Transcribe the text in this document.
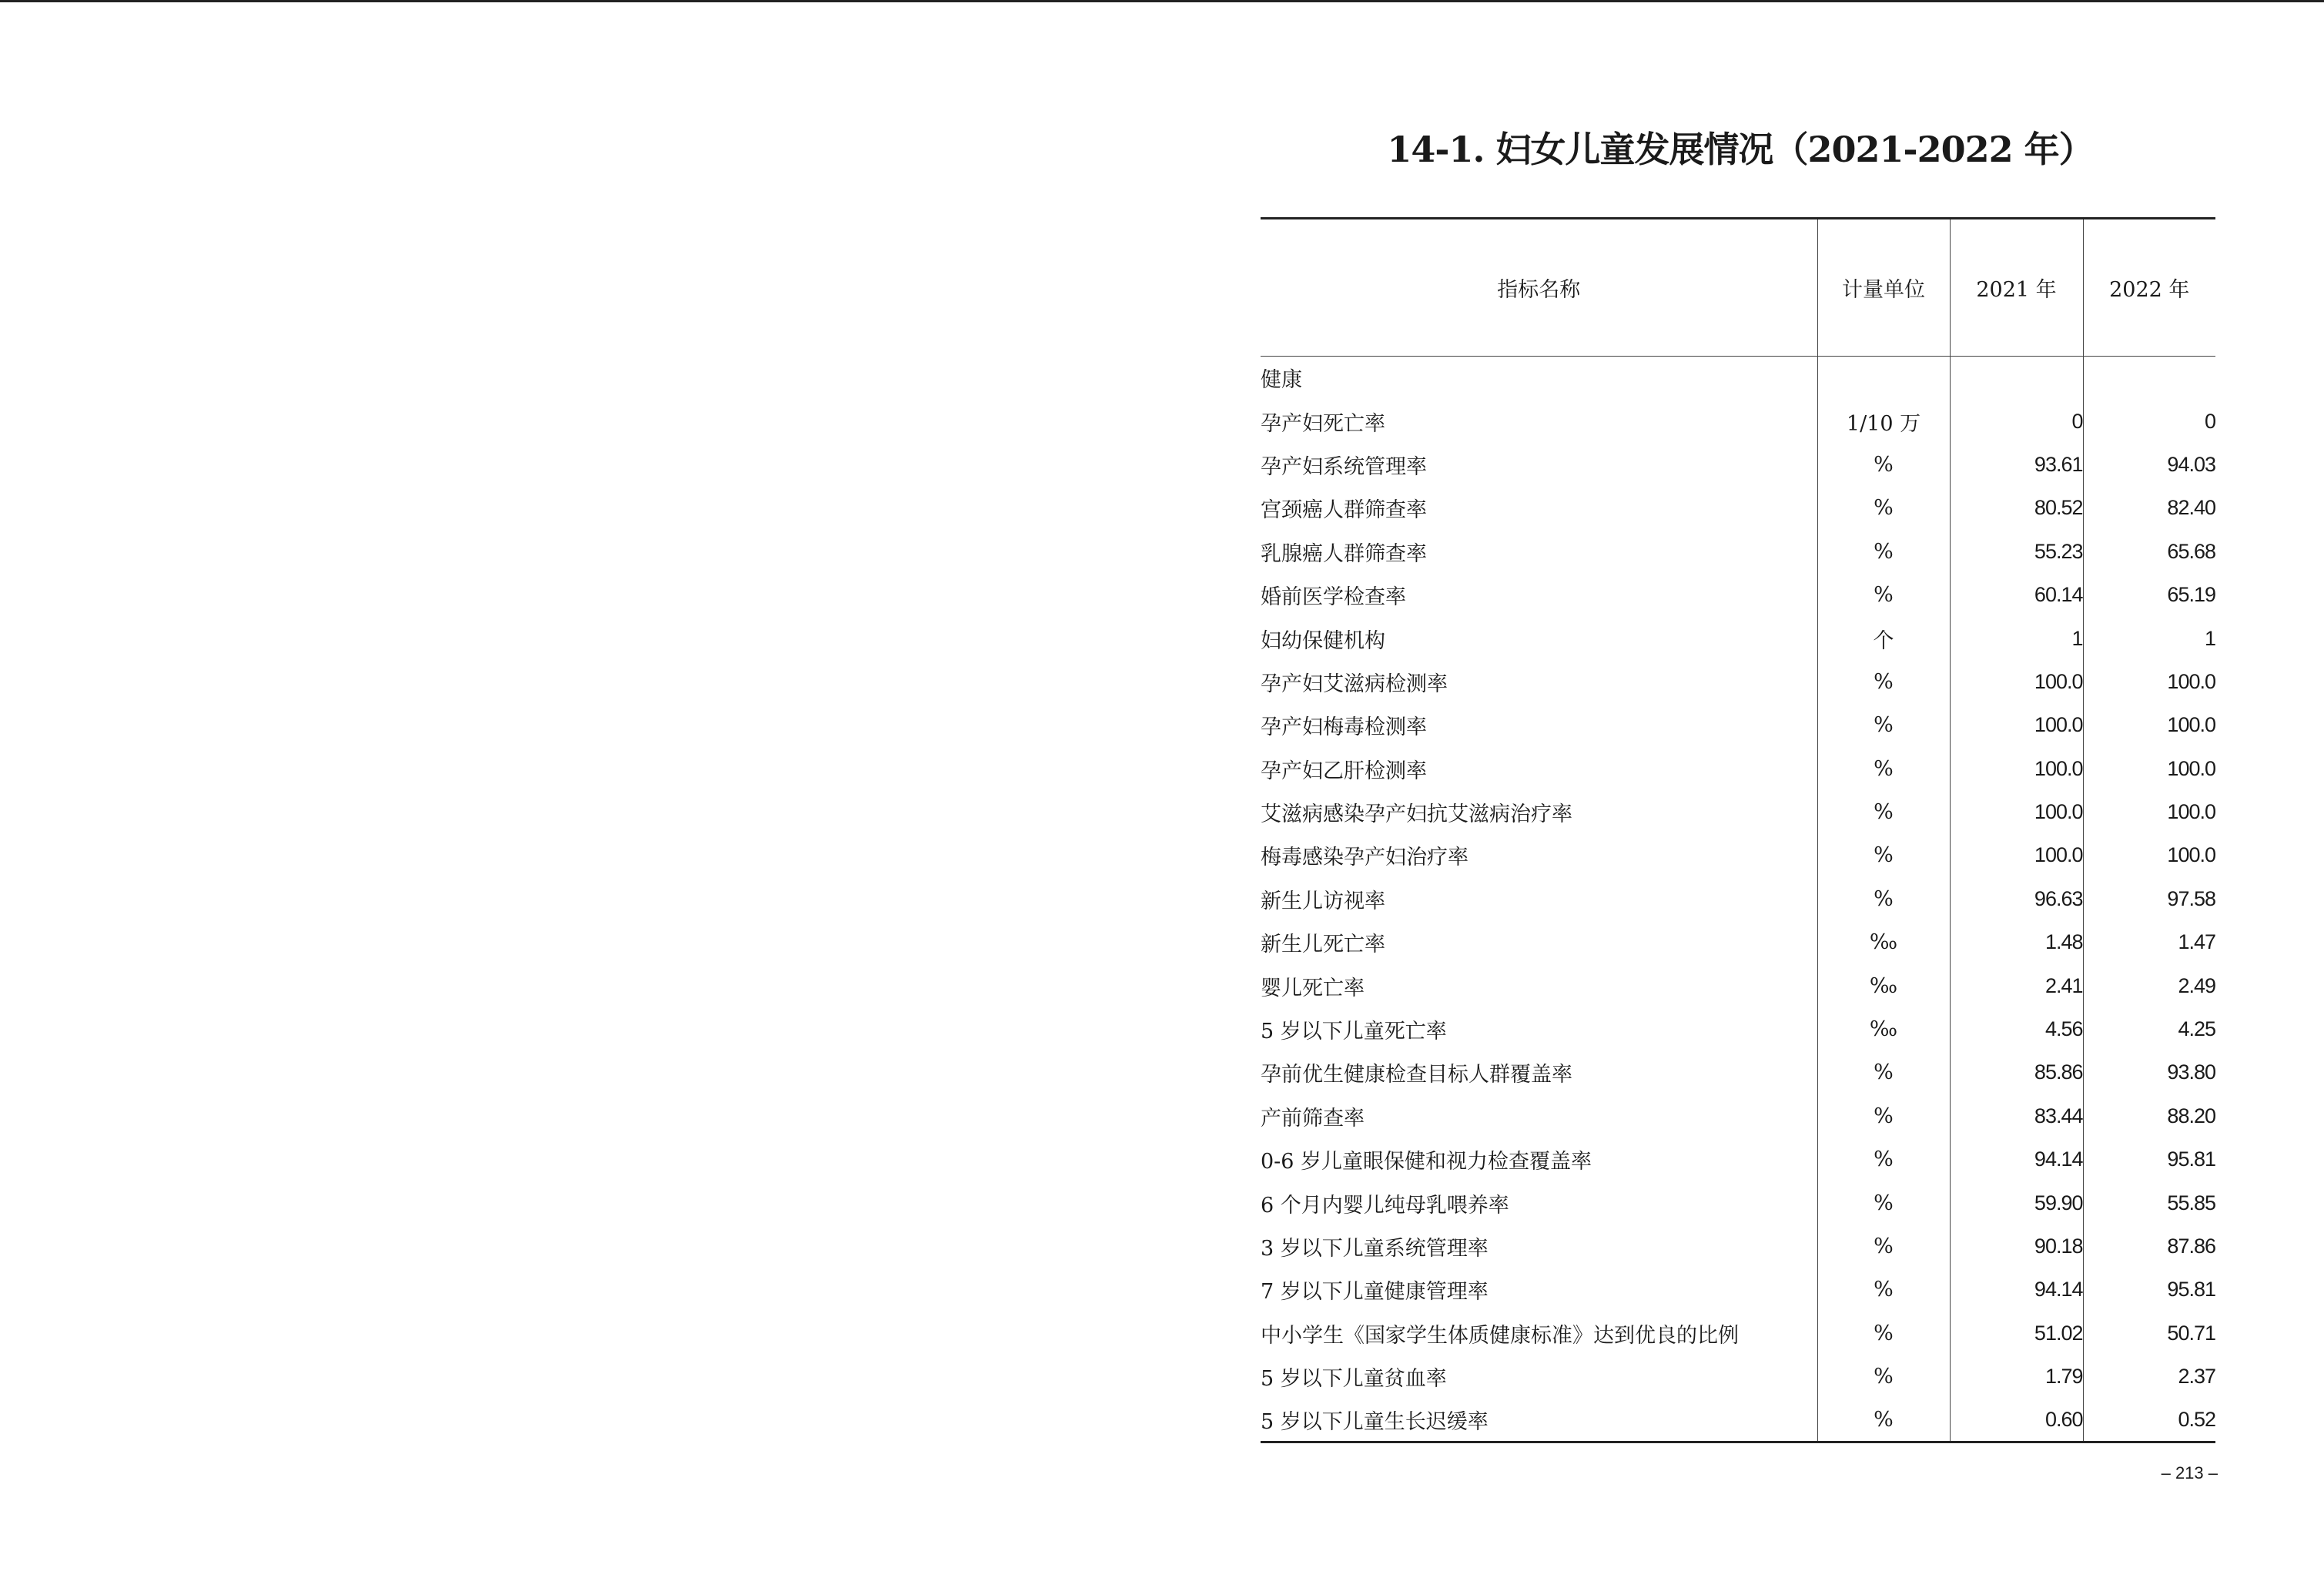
14-1. 妇女儿童发展情况（2021-2022 年）
指标名称	计量单位	2021 年	2022 年
健康			
孕产妇死亡率	1/10 万	0	0
孕产妇系统管理率	%	93.61	94.03
宫颈癌人群筛查率	%	80.52	82.40
乳腺癌人群筛查率	%	55.23	65.68
婚前医学检查率	%	60.14	65.19
妇幼保健机构	个	1	1
孕产妇艾滋病检测率	%	100.0	100.0
孕产妇梅毒检测率	%	100.0	100.0
孕产妇乙肝检测率	%	100.0	100.0
艾滋病感染孕产妇抗艾滋病治疗率	%	100.0	100.0
梅毒感染孕产妇治疗率	%	100.0	100.0
新生儿访视率	%	96.63	97.58
新生儿死亡率	‰	1.48	1.47
婴儿死亡率	‰	2.41	2.49
5 岁以下儿童死亡率	‰	4.56	4.25
孕前优生健康检查目标人群覆盖率	%	85.86	93.80
产前筛查率	%	83.44	88.20
0-6 岁儿童眼保健和视力检查覆盖率	%	94.14	95.81
6 个月内婴儿纯母乳喂养率	%	59.90	55.85
3 岁以下儿童系统管理率	%	90.18	87.86
7 岁以下儿童健康管理率	%	94.14	95.81
中小学生《国家学生体质健康标准》达到优良的比例	%	51.02	50.71
5 岁以下儿童贫血率	%	1.79	2.37
5 岁以下儿童生长迟缓率	%	0.60	0.52
– 213 –
